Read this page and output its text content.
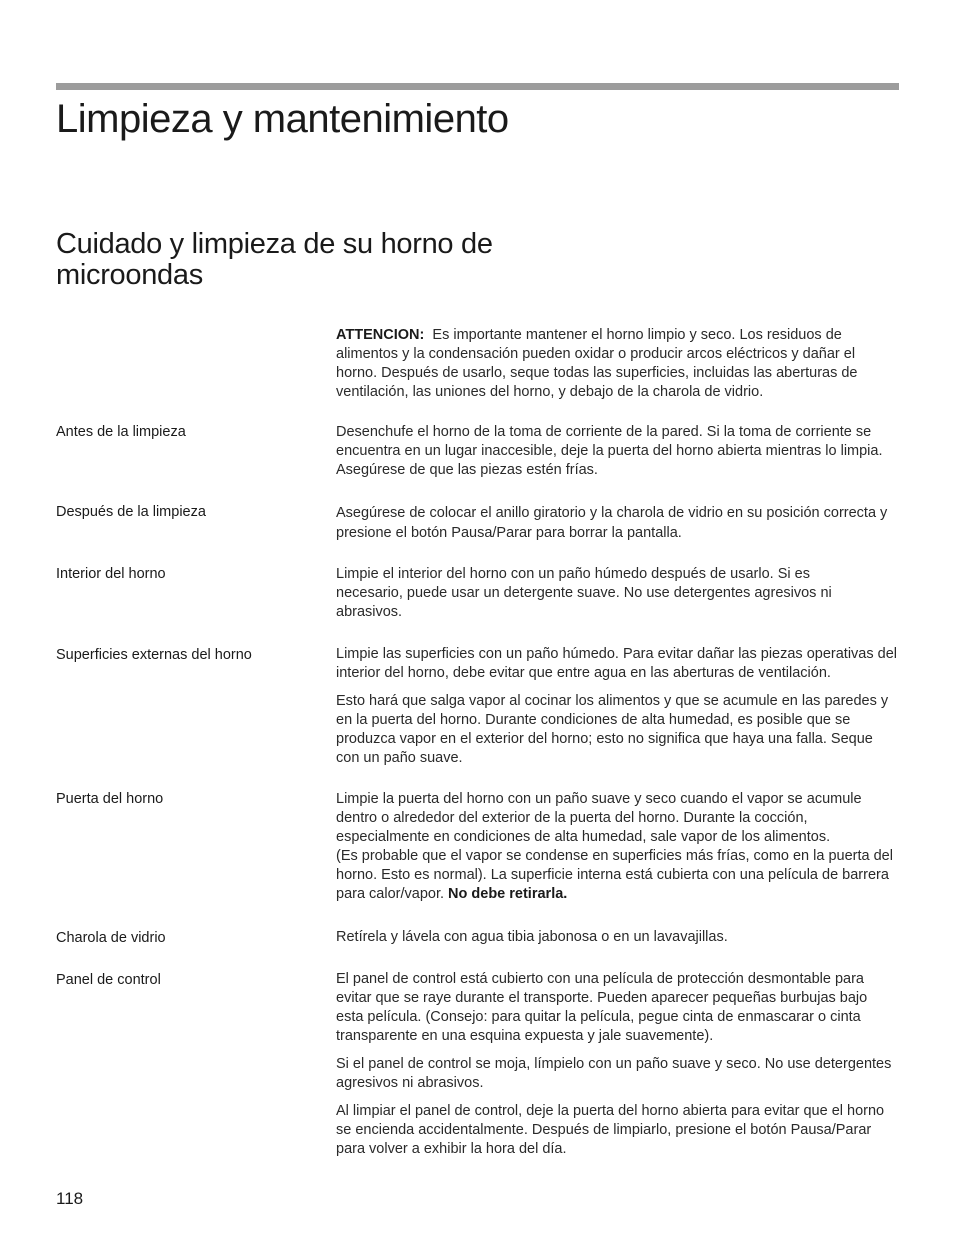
Limpieza y mantenimiento
Cuidado y limpieza de su horno de microondas

ATTENCION: Es importante mantener el horno limpio y seco. Los residuos de alimentos y la condensación pueden oxidar o producir arcos eléctricos y dañar el horno. Después de usarlo, seque todas las superficies, incluidas las aberturas de ventilación, las uniones del horno, y debajo de la charola de vidrio.

Antes de la limpieza	Desenchufe el horno de la toma de corriente de la pared. Si la toma de corriente se encuentra en un lugar inaccesible, deje la puerta del horno abierta mientras lo limpia. Asegúrese de que las piezas estén frías.

Después de la limpieza	Asegúrese de colocar el anillo giratorio y la charola de vidrio en su posición correcta y presione el botón Pausa/Parar para borrar la pantalla.

Interior del horno	Limpie el interior del horno con un paño húmedo después de usarlo. Si es necesario, puede usar un detergente suave. No use detergentes agresivos ni abrasivos.

Superficies externas del horno	Limpie las superficies con un paño húmedo. Para evitar dañar las piezas operativas del interior del horno, debe evitar que entre agua en las aberturas de ventilación.

Esto hará que salga vapor al cocinar los alimentos y que se acumule en las paredes y en la puerta del horno. Durante condiciones de alta humedad, es posible que se produzca vapor en el exterior del horno; esto no significa que haya una falla. Seque con un paño suave.

Puerta del horno	Limpie la puerta del horno con un paño suave y seco cuando el vapor se acumule dentro o alrededor del exterior de la puerta del horno. Durante la cocción, especialmente en condiciones de alta humedad, sale vapor de los alimentos.

(Es probable que el vapor se condense en superficies más frías, como en la puerta del horno. Esto es normal). La superficie interna está cubierta con una película de barrera para calor/vapor. No debe retirarla.

Charola de vidrio	Retírela y lávela con agua tibia jabonosa o en un lavavajillas.

Panel de control	El panel de control está cubierto con una película de protección desmontable para evitar que se raye durante el transporte. Pueden aparecer pequeñas burbujas bajo esta película. (Consejo: para quitar la película, pegue cinta de enmascarar o cinta transparente en una esquina expuesta y jale suavemente).

Si el panel de control se moja, límpielo con un paño suave y seco. No use detergentes agresivos ni abrasivos.

Al limpiar el panel de control, deje la puerta del horno abierta para evitar que el horno se encienda accidentalmente. Después de limpiarlo, presione el botón Pausa/Parar para volver a exhibir la hora del día.

118
